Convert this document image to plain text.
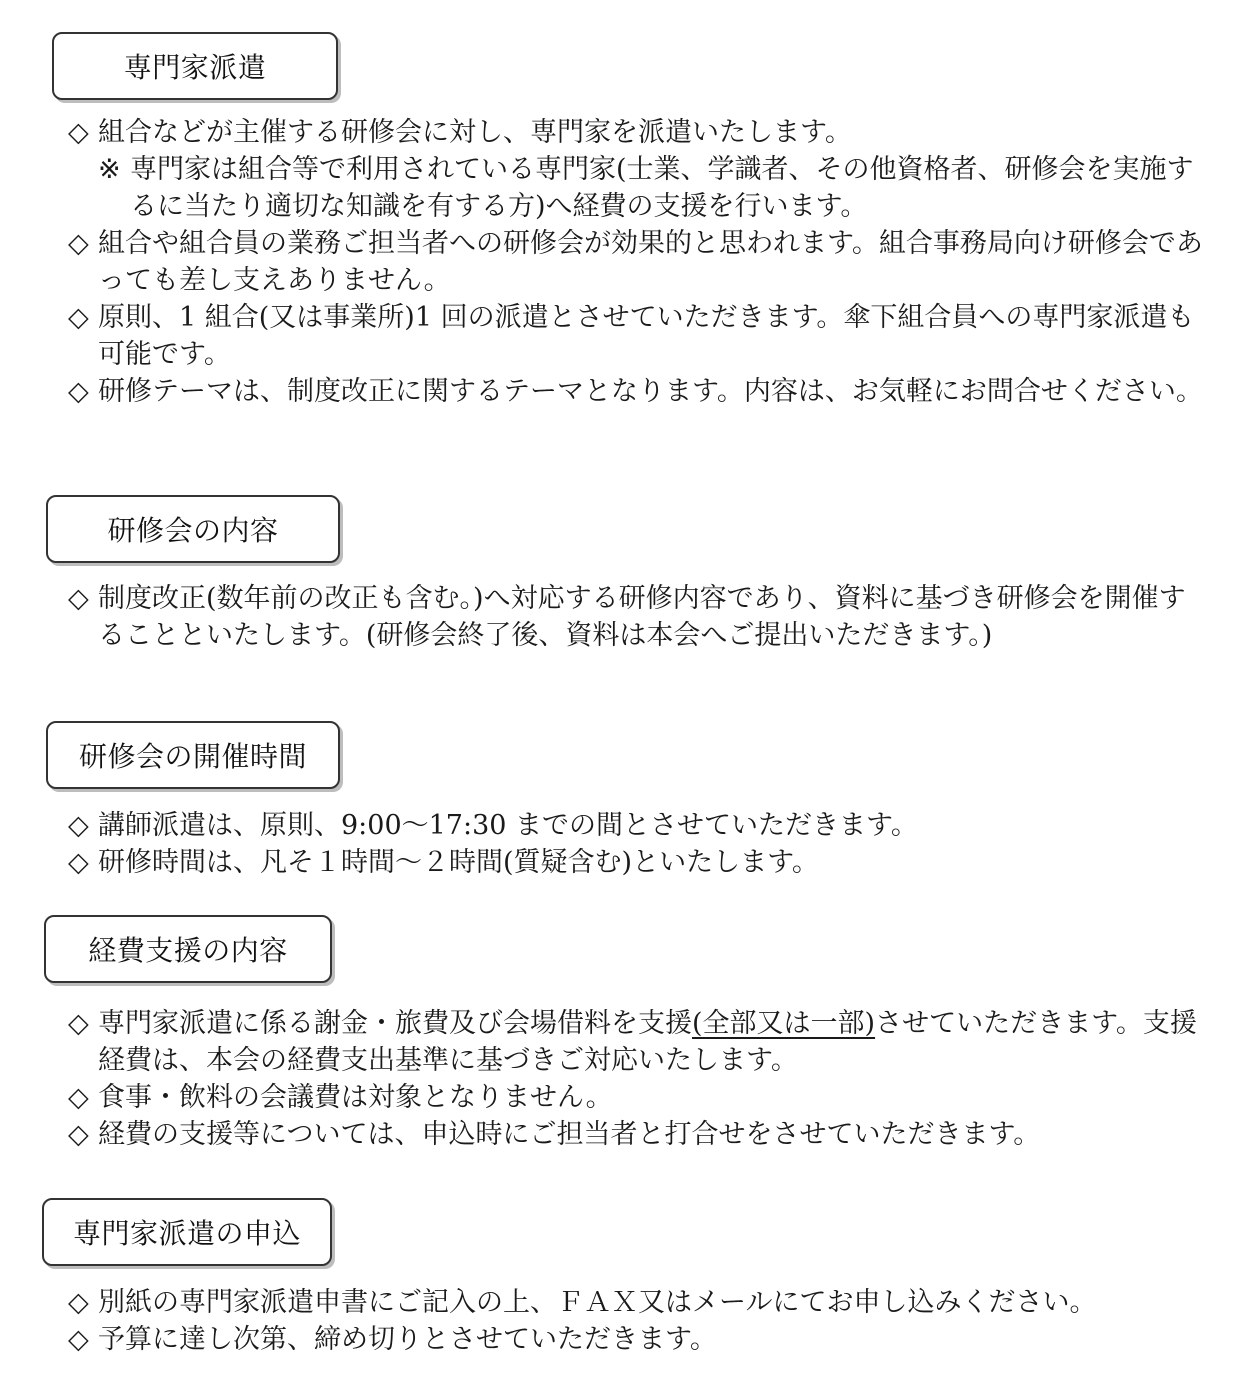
専門家派遣
◇ 組合などが主催する研修会に対し、専門家を派遣いたします。
※ 専門家は組合等で利用されている専門家(士業、学識者、その他資格者、研修会を実施するに当たり適切な知識を有する方)へ経費の支援を行います。
◇ 組合や組合員の業務ご担当者への研修会が効果的と思われます。組合事務局向け研修会であっても差し支えありません。
◇ 原則、1 組合(又は事業所)1 回の派遣とさせていただきます。傘下組合員への専門家派遣も可能です。
◇ 研修テーマは、制度改正に関するテーマとなります。内容は、お気軽にお問合せください。
研修会の内容
◇ 制度改正(数年前の改正も含む。)へ対応する研修内容であり、資料に基づき研修会を開催することといたします。(研修会終了後、資料は本会へご提出いただきます。)
研修会の開催時間
◇ 講師派遣は、原則、9:00～17:30 までの間とさせていただきます。
◇ 研修時間は、凡そ１時間～２時間(質疑含む)といたします。
経費支援の内容
◇ 専門家派遣に係る謝金・旅費及び会場借料を支援(全部又は一部)させていただきます。支援経費は、本会の経費支出基準に基づきご対応いたします。
◇ 食事・飲料の会議費は対象となりません。
◇ 経費の支援等については、申込時にご担当者と打合せをさせていただきます。
専門家派遣の申込
◇ 別紙の専門家派遣申書にご記入の上、ＦＡＸ又はメールにてお申し込みください。
◇ 予算に達し次第、締め切りとさせていただきます。
